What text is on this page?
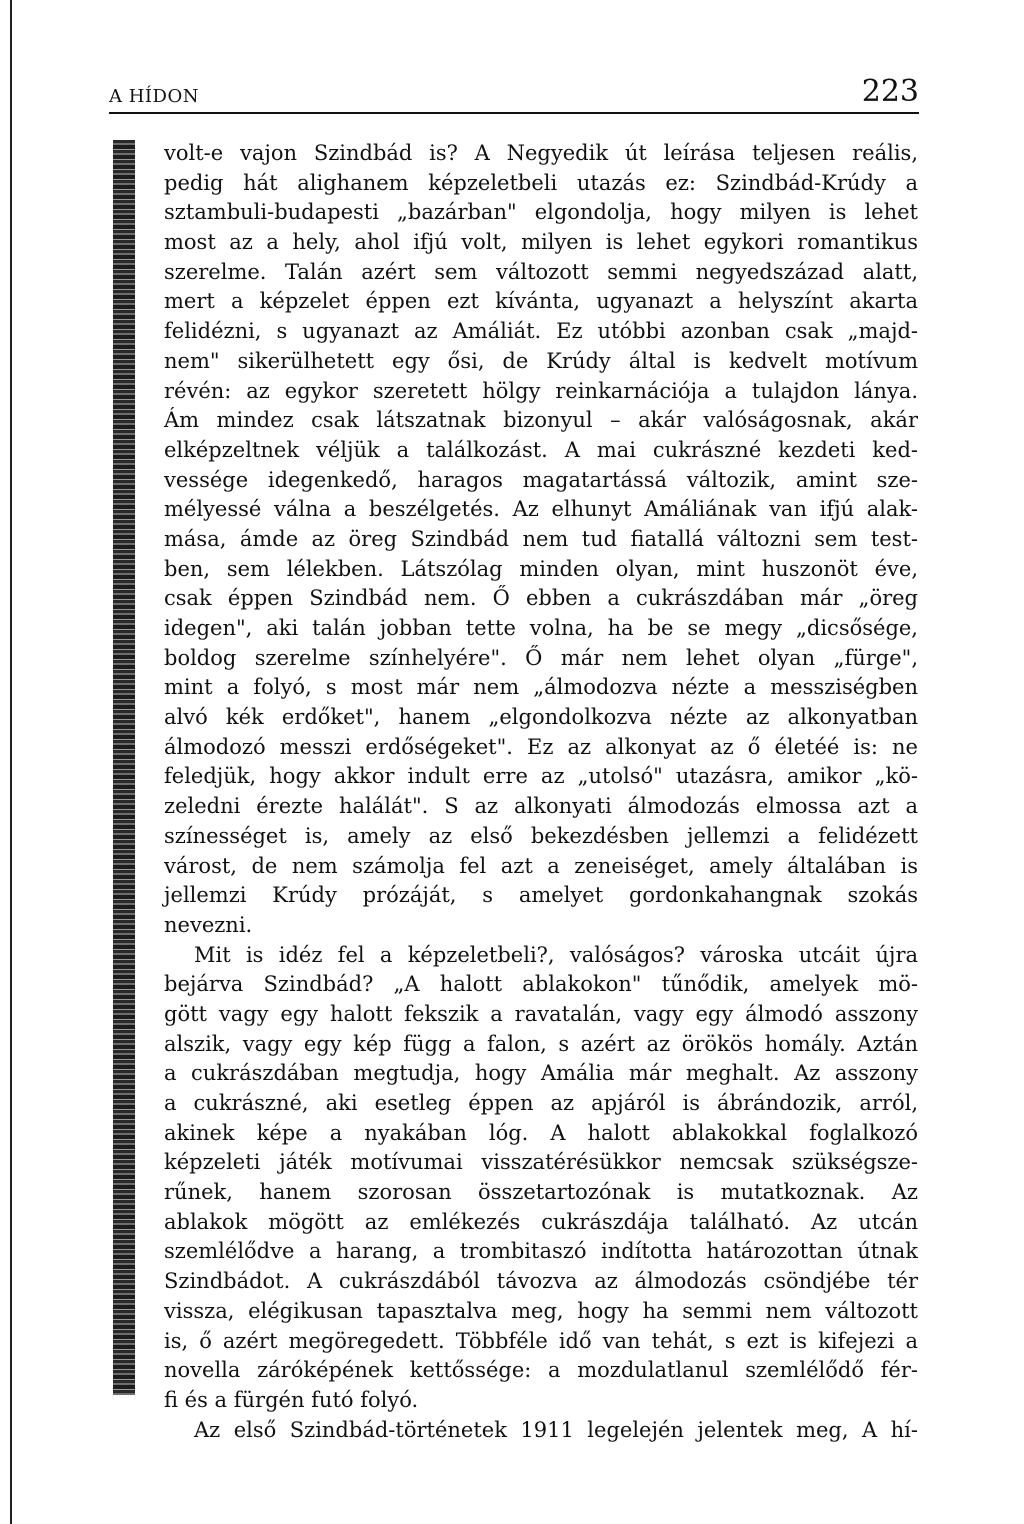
A HÍDON	223
volt-e vajon Szindbád is? A Negyedik út leírása teljesen reális,
pedig hát alighanem képzeletbeli utazás ez: Szindbád-Krúdy a
sztambuli-budapesti „bazárban" elgondolja, hogy milyen is lehet
most az a hely, ahol ifjú volt, milyen is lehet egykori romantikus
szerelme. Talán azért sem változott semmi negyedszázad alatt,
mert a képzelet éppen ezt kívánta, ugyanazt a helyszínt akarta
felidézni, s ugyanazt az Amáliát. Ez utóbbi azonban csak „majd-
nem" sikerülhetett egy ősi, de Krúdy által is kedvelt motívum
révén: az egykor szeretett hölgy reinkarnációja a tulajdon lánya.
Ám mindez csak látszatnak bizonyul – akár valóságosnak, akár
elképzeltnek véljük a találkozást. A mai cukrászné kezdeti ked-
vessége idegenkedő, haragos magatartássá változik, amint sze-
mélyessé válna a beszélgetés. Az elhunyt Amáliának van ifjú alak-
mása, ámde az öreg Szindbád nem tud fiatallá változni sem test-
ben, sem lélekben. Látszólag minden olyan, mint huszonöt éve,
csak éppen Szindbád nem. Ő ebben a cukrászdában már „öreg
idegen", aki talán jobban tette volna, ha be se megy „dicsősége,
boldog szerelme színhelyére". Ő már nem lehet olyan „fürge",
mint a folyó, s most már nem „álmodozva nézte a messziségben
alvó kék erdőket", hanem „elgondolkozva nézte az alkonyatban
álmodozó messzi erdőségeket". Ez az alkonyat az ő életéé is: ne
feledjük, hogy akkor indult erre az „utolsó" utazásra, amikor „kö-
zeledni érezte halálát". S az alkonyati álmodozás elmossa azt a
színességet is, amely az első bekezdésben jellemzi a felidézett
várost, de nem számolja fel azt a zeneiséget, amely általában is
jellemzi Krúdy prózáját, s amelyet gordonkahangnak szokás
nevezni.
Mit is idéz fel a képzeletbeli?, valóságos? városka utcáit újra
bejárva Szindbád? „A halott ablakokon" tűnődik, amelyek mö-
gött vagy egy halott fekszik a ravatalán, vagy egy álmodó asszony
alszik, vagy egy kép függ a falon, s azért az örökös homály. Aztán
a cukrászdában megtudja, hogy Amália már meghalt. Az asszony
a cukrászné, aki esetleg éppen az apjáról is ábrándozik, arról,
akinek képe a nyakában lóg. A halott ablakokkal foglalkozó
képzeleti játék motívumai visszatérésükkor nemcsak szükségsze-
rűnek, hanem szorosan összetartozónak is mutatkoznak. Az
ablakok mögött az emlékezés cukrászdája található. Az utcán
szemlélődve a harang, a trombitaszó indította határozottan útnak
Szindbádot. A cukrászdából távozva az álmodozás csöndjébe tér
vissza, elégikusan tapasztalva meg, hogy ha semmi nem változott
is, ő azért megöregedett. Többféle idő van tehát, s ezt is kifejezi a
novella záróképének kettőssége: a mozdulatlanul szemlélődő fér-
fi és a fürgén futó folyó.
Az első Szindbád-történetek 1911 legelején jelentek meg, A hí-
